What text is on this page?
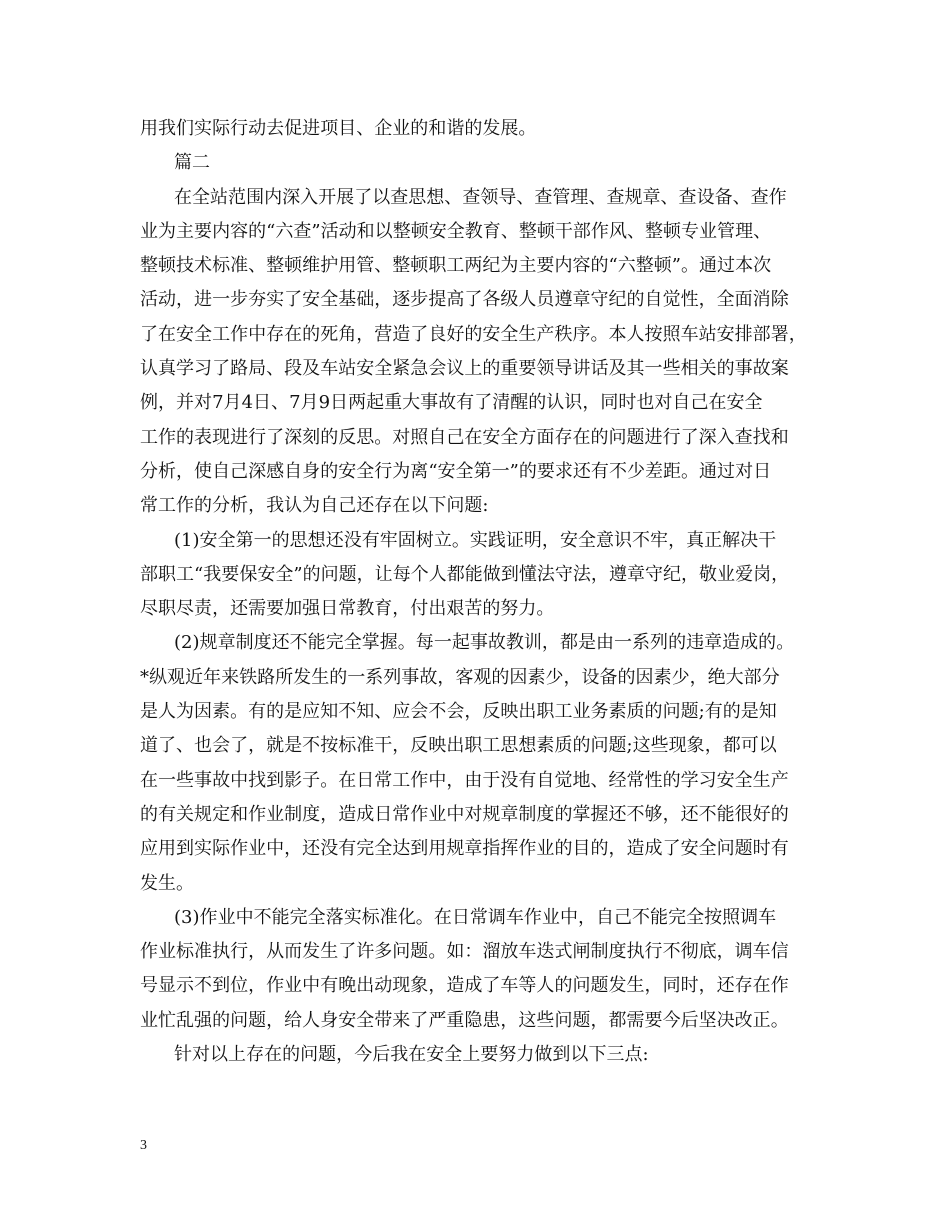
用我们实际行动去促进项目、企业的和谐的发展。
篇二
在全站范围内深入开展了以查思想、查领导、查管理、查规章、查设备、查作
业为主要内容的“六查”活动和以整顿安全教育、整顿干部作风、整顿专业管理、
整顿技术标准、整顿维护用管、整顿职工两纪为主要内容的“六整顿”。通过本次
活动，进一步夯实了安全基础，逐步提高了各级人员遵章守纪的自觉性，全面消除
了在安全工作中存在的死角，营造了良好的安全生产秩序。本人按照车站安排部署，
认真学习了路局、段及车站安全紧急会议上的重要领导讲话及其一些相关的事故案
例，并对7月4日、7月9日两起重大事故有了清醒的认识，同时也对自己在安全
工作的表现进行了深刻的反思。对照自己在安全方面存在的问题进行了深入查找和
分析，使自己深感自身的安全行为离“安全第一”的要求还有不少差距。通过对日
常工作的分析，我认为自己还存在以下问题:
(1)安全第一的思想还没有牢固树立。实践证明，安全意识不牢，真正解决干
部职工“我要保安全”的问题，让每个人都能做到懂法守法，遵章守纪，敬业爱岗，
尽职尽责，还需要加强日常教育，付出艰苦的努力。
(2)规章制度还不能完全掌握。每一起事故教训，都是由一系列的违章造成的。
*纵观近年来铁路所发生的一系列事故，客观的因素少，设备的因素少，绝大部分
是人为因素。有的是应知不知、应会不会，反映出职工业务素质的问题;有的是知
道了、也会了，就是不按标准干，反映出职工思想素质的问题;这些现象，都可以
在一些事故中找到影子。在日常工作中，由于没有自觉地、经常性的学习安全生产
的有关规定和作业制度，造成日常作业中对规章制度的掌握还不够，还不能很好的
应用到实际作业中，还没有完全达到用规章指挥作业的目的，造成了安全问题时有
发生。
(3)作业中不能完全落实标准化。在日常调车作业中，自己不能完全按照调车
作业标准执行，从而发生了许多问题。如：溜放车迭式闸制度执行不彻底，调车信
号显示不到位，作业中有晚出动现象，造成了车等人的问题发生，同时，还存在作
业忙乱强的问题，给人身安全带来了严重隐患，这些问题，都需要今后坚决改正。
针对以上存在的问题，今后我在安全上要努力做到以下三点:
3
